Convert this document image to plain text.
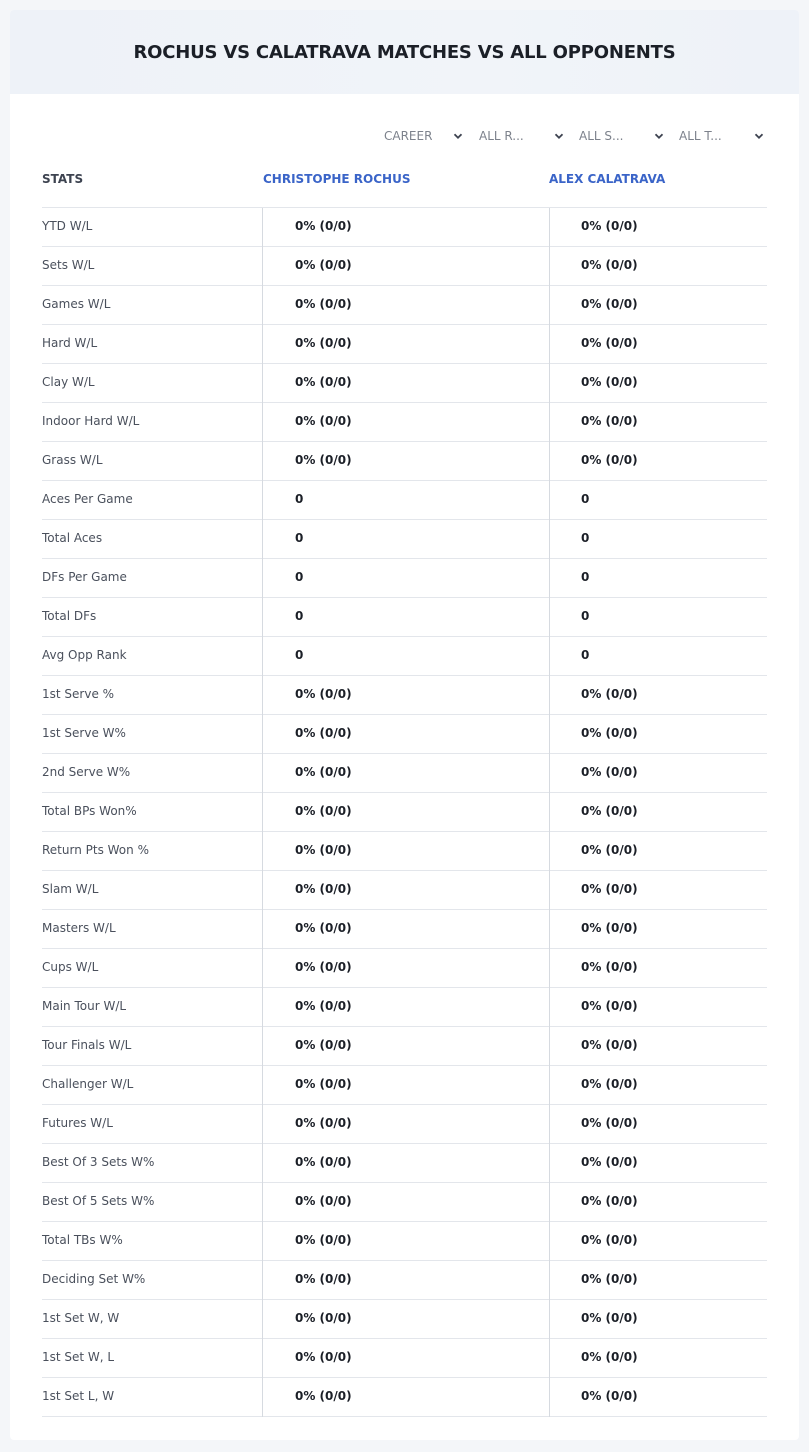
ROCHUS VS CALATRAVA MATCHES VS ALL OPPONENTS
CAREER	ALL R...	ALL S...	ALL T...
STATS	CHRISTOPHE ROCHUS	ALEX CALATRAVA
YTD W/L	0% (0/0)	0% (0/0)
Sets W/L	0% (0/0)	0% (0/0)
Games W/L	0% (0/0)	0% (0/0)
Hard W/L	0% (0/0)	0% (0/0)
Clay W/L	0% (0/0)	0% (0/0)
Indoor Hard W/L	0% (0/0)	0% (0/0)
Grass W/L	0% (0/0)	0% (0/0)
Aces Per Game	0	0
Total Aces	0	0
DFs Per Game	0	0
Total DFs	0	0
Avg Opp Rank	0	0
1st Serve %	0% (0/0)	0% (0/0)
1st Serve W%	0% (0/0)	0% (0/0)
2nd Serve W%	0% (0/0)	0% (0/0)
Total BPs Won%	0% (0/0)	0% (0/0)
Return Pts Won %	0% (0/0)	0% (0/0)
Slam W/L	0% (0/0)	0% (0/0)
Masters W/L	0% (0/0)	0% (0/0)
Cups W/L	0% (0/0)	0% (0/0)
Main Tour W/L	0% (0/0)	0% (0/0)
Tour Finals W/L	0% (0/0)	0% (0/0)
Challenger W/L	0% (0/0)	0% (0/0)
Futures W/L	0% (0/0)	0% (0/0)
Best Of 3 Sets W%	0% (0/0)	0% (0/0)
Best Of 5 Sets W%	0% (0/0)	0% (0/0)
Total TBs W%	0% (0/0)	0% (0/0)
Deciding Set W%	0% (0/0)	0% (0/0)
1st Set W, W	0% (0/0)	0% (0/0)
1st Set W, L	0% (0/0)	0% (0/0)
1st Set L, W	0% (0/0)	0% (0/0)
